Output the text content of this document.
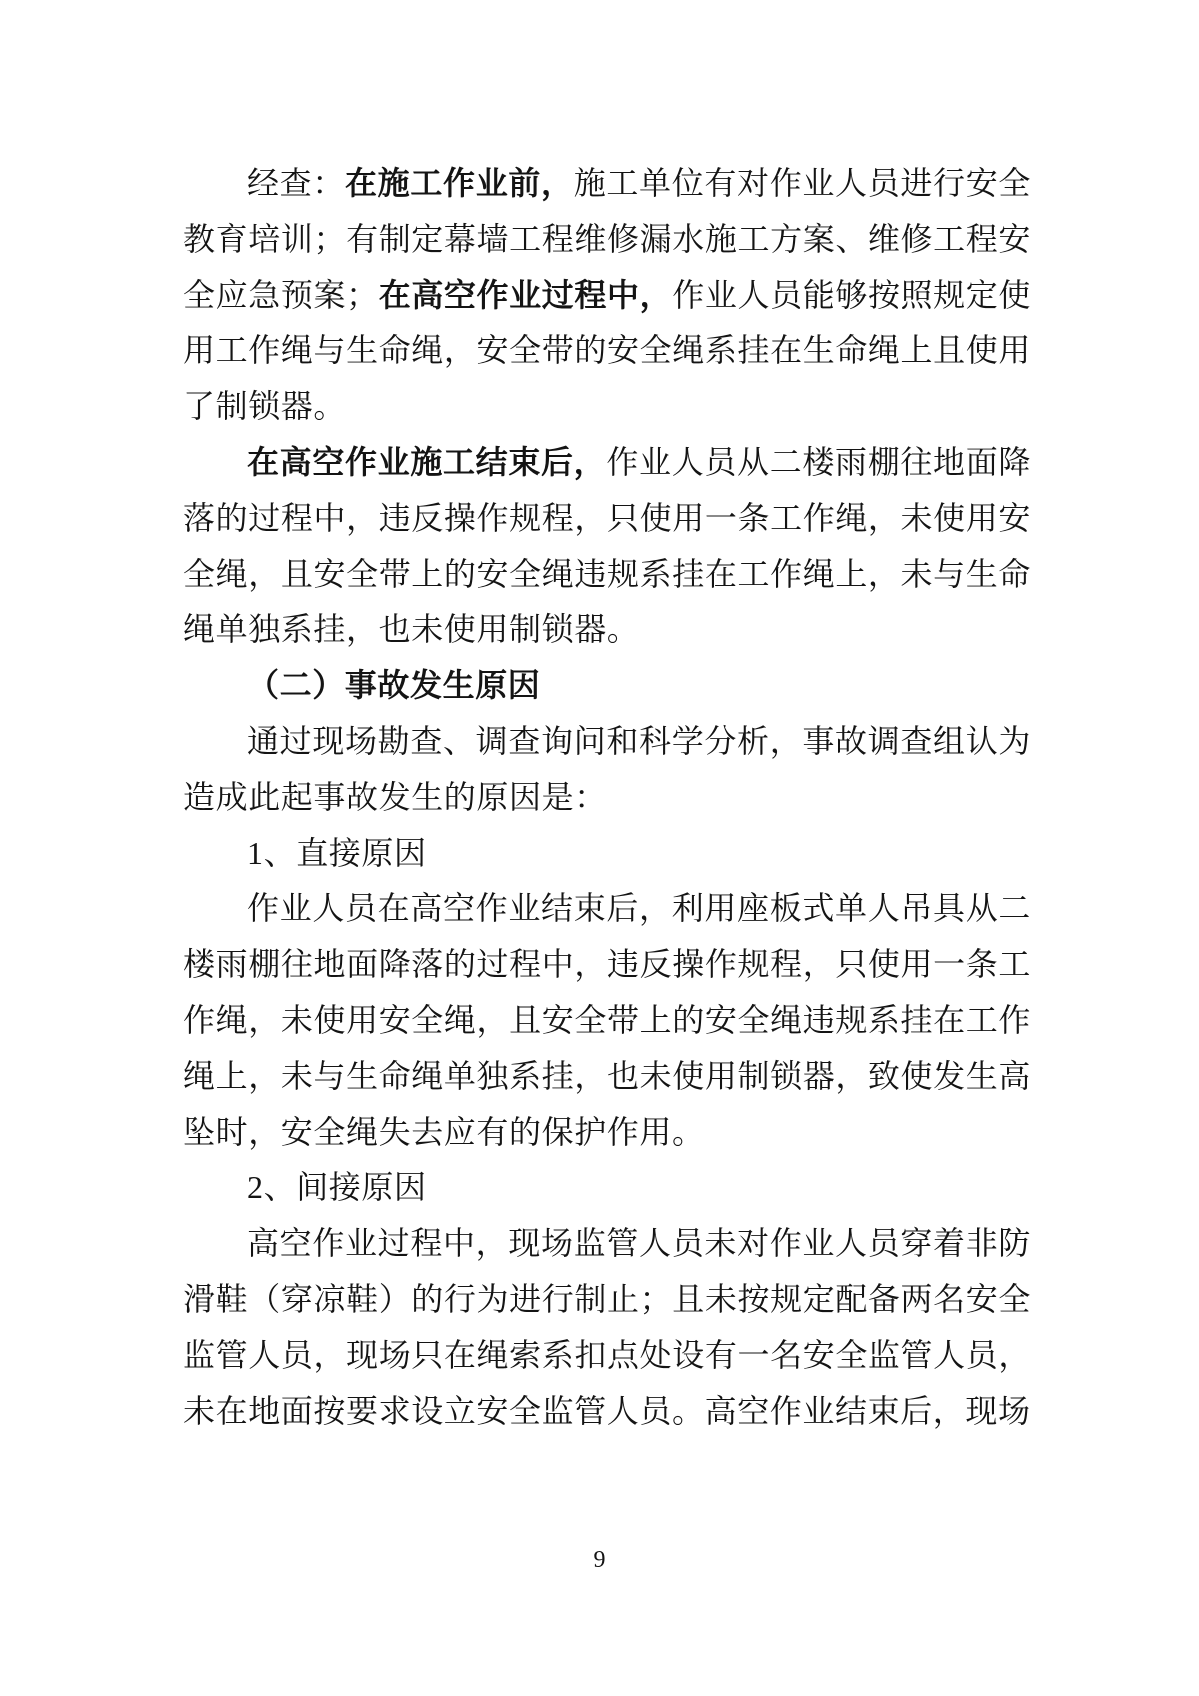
经查：在施工作业前，施工单位有对作业人员进行安全教育培训；有制定幕墙工程维修漏水施工方案、维修工程安全应急预案；在高空作业过程中，作业人员能够按照规定使用工作绳与生命绳，安全带的安全绳系挂在生命绳上且使用了制锁器。

在高空作业施工结束后，作业人员从二楼雨棚往地面降落的过程中，违反操作规程，只使用一条工作绳，未使用安全绳，且安全带上的安全绳违规系挂在工作绳上，未与生命绳单独系挂，也未使用制锁器。

（二）事故发生原因

通过现场勘查、调查询问和科学分析，事故调查组认为造成此起事故发生的原因是：

1、直接原因

作业人员在高空作业结束后，利用座板式单人吊具从二楼雨棚往地面降落的过程中，违反操作规程，只使用一条工作绳，未使用安全绳，且安全带上的安全绳违规系挂在工作绳上，未与生命绳单独系挂，也未使用制锁器，致使发生高坠时，安全绳失去应有的保护作用。

2、间接原因

高空作业过程中，现场监管人员未对作业人员穿着非防滑鞋（穿凉鞋）的行为进行制止；且未按规定配备两名安全监管人员，现场只在绳索系扣点处设有一名安全监管人员，未在地面按要求设立安全监管人员。高空作业结束后，现场

9
